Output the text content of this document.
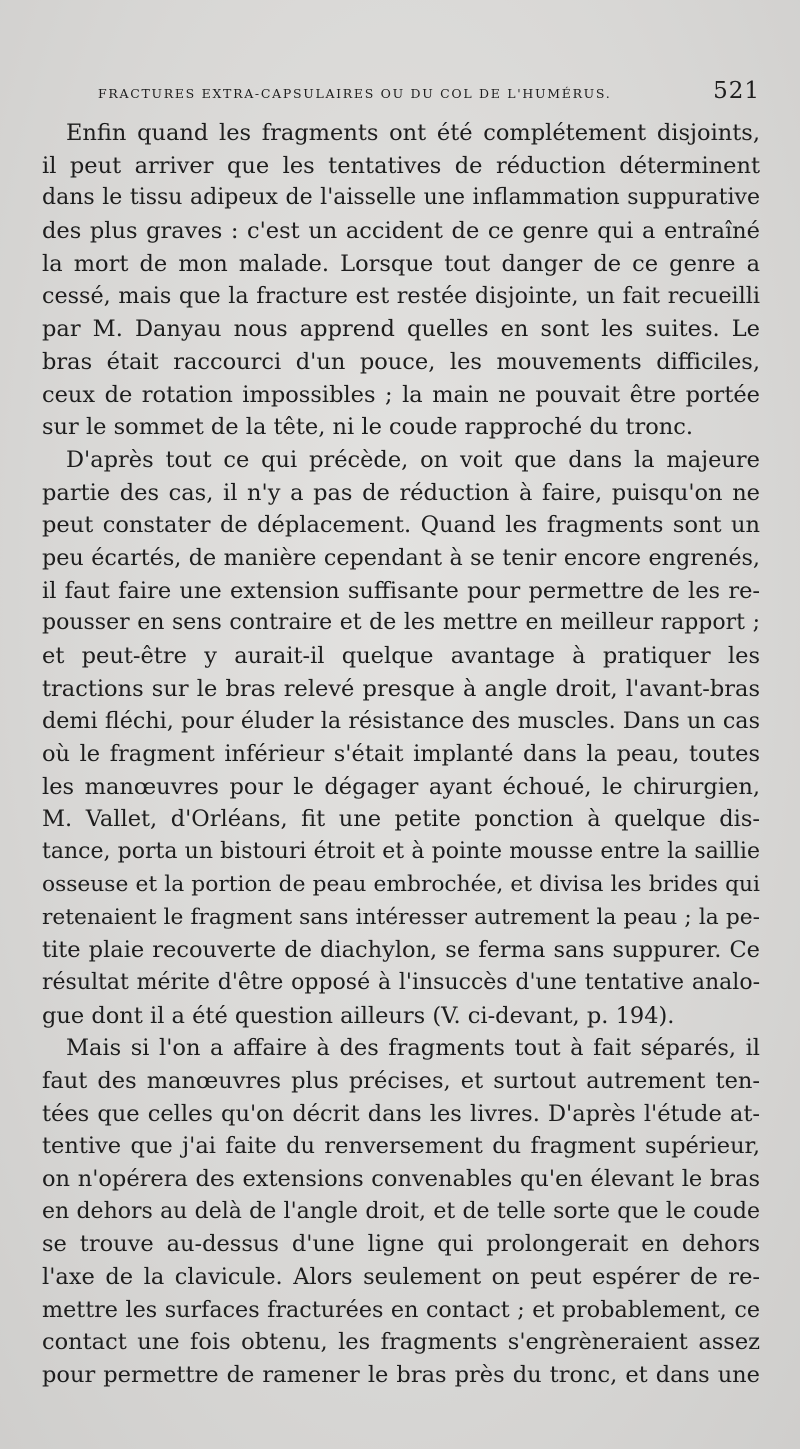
FRACTURES EXTRA-CAPSULAIRES OU DU COL DE L'HUMÉRUS.	521
Enfin quand les fragments ont été complétement disjoints,
il peut arriver que les tentatives de réduction déterminent
dans le tissu adipeux de l'aisselle une inflammation suppurative
des plus graves : c'est un accident de ce genre qui a entraîné
la mort de mon malade. Lorsque tout danger de ce genre a
cessé, mais que la fracture est restée disjointe, un fait recueilli
par M. Danyau nous apprend quelles en sont les suites. Le
bras était raccourci d'un pouce, les mouvements difficiles,
ceux de rotation impossibles ; la main ne pouvait être portée
sur le sommet de la tête, ni le coude rapproché du tronc.
D'après tout ce qui précède, on voit que dans la majeure
partie des cas, il n'y a pas de réduction à faire, puisqu'on ne
peut constater de déplacement. Quand les fragments sont un
peu écartés, de manière cependant à se tenir encore engrenés,
il faut faire une extension suffisante pour permettre de les re-
pousser en sens contraire et de les mettre en meilleur rapport ;
et peut-être y aurait-il quelque avantage à pratiquer les
tractions sur le bras relevé presque à angle droit, l'avant-bras
demi fléchi, pour éluder la résistance des muscles. Dans un cas
où le fragment inférieur s'était implanté dans la peau, toutes
les manœuvres pour le dégager ayant échoué, le chirurgien,
M. Vallet, d'Orléans, fit une petite ponction à quelque dis-
tance, porta un bistouri étroit et à pointe mousse entre la saillie
osseuse et la portion de peau embrochée, et divisa les brides qui
retenaient le fragment sans intéresser autrement la peau ; la pe-
tite plaie recouverte de diachylon, se ferma sans suppurer. Ce
résultat mérite d'être opposé à l'insuccès d'une tentative analo-
gue dont il a été question ailleurs (V. ci-devant, p. 194).
Mais si l'on a affaire à des fragments tout à fait séparés, il
faut des manœuvres plus précises, et surtout autrement ten-
tées que celles qu'on décrit dans les livres. D'après l'étude at-
tentive que j'ai faite du renversement du fragment supérieur,
on n'opérera des extensions convenables qu'en élevant le bras
en dehors au delà de l'angle droit, et de telle sorte que le coude
se trouve au-dessus d'une ligne qui prolongerait en dehors
l'axe de la clavicule. Alors seulement on peut espérer de re-
mettre les surfaces fracturées en contact ; et probablement, ce
contact une fois obtenu, les fragments s'engrèneraient assez
pour permettre de ramener le bras près du tronc, et dans une
